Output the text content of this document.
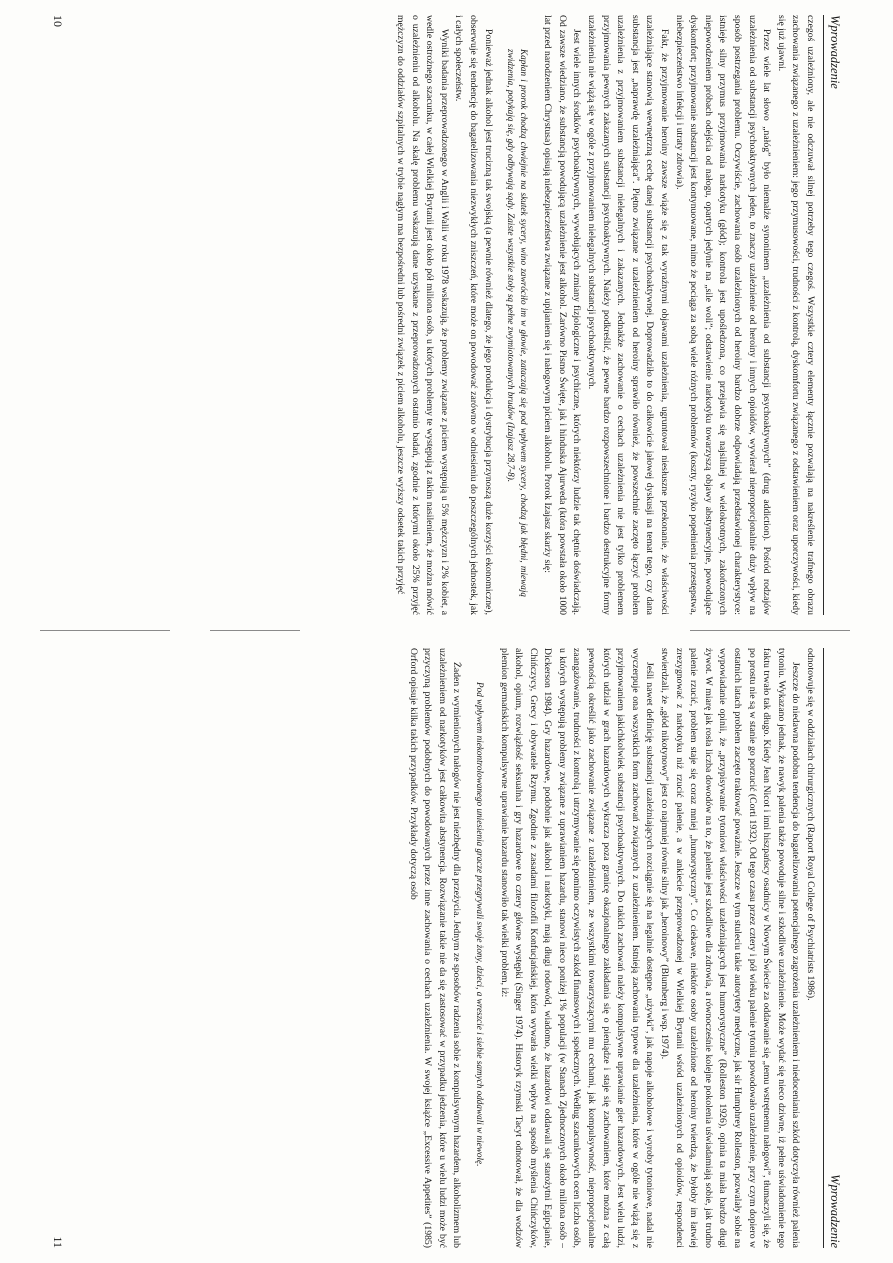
Wprowadzenie

czegoś uzależniony, ale nie odczuwał silnej potrzeby tego czegoś. Wszystkie cztery elementy łącznie pozwalają na nakreślenie trafnego obrazu zachowania związanego z uzależnieniem: jego przymusowości, trudności z kontrolą, dyskomfortu związanego z odstawieniem oraz uporczywości, kiedy się już ujawni.

Przez wiele lat słowo „nałóg” było niemalże synonimem „uzależnienia od substancji psychoaktywnych” (drug addiction). Pośród rodzajów uzależnienia od substancji psychoaktywnych jeden, to znaczy uzależnienie od heroiny i innych opioidów, wywierał nieproporcjonalnie duży wpływ na sposób postrzegania problemu. Oczywiście, zachowania osób uzależnionych od heroiny bardzo dobrze odpowiadają przedstawionej charakterystyce: istnieje silny przymus przyjmowania narkotyku (głód); kontrola jest upośledzona, co przejawia się najsilniej w wielokrotnych, zakończonych niepowodzeniem próbach odejścia od nałogu, opartych jedynie na „sile woli”; odstawienie narkotyku towarzyszą objawy abstynencyjne, powodujące dyskomfort; przyjmowanie substancji jest kontynuowane, mimo że pociąga za sobą wiele różnych problemów (koszty, ryzyko popełnienia przestępstwa, niebezpieczeństwo infekcji i utraty zdrowia).

Fakt, że przyjmowanie heroiny zawsze wiąże się z tak wyraźnymi objawami uzależnienia, ugruntował niesłuszne przekonanie, że właściwości uzależniające stanowią wewnętrzną cechę danej substancji psychoaktywnej. Doprowadziło to do całkowicie jałowej dyskusji na temat tego, czy dana substancja jest „naprawdę uzależniająca”. Piętno związane z uzależnieniem od heroiny sprawiło również, że powszechnie zaczęto łączyć problem uzależnienia z przyjmowaniem substancji nielegalnych i zakazanych. Jednakże zachowanie o cechach uzależnienia nie jest tylko problemem przyjmowania pewnych zakazanych substancji psychoaktywnych. Należy podkreślić, że pewne bardzo rozpowszechnione i bardzo destrukcyjne formy uzależnienia nie wiążą się w ogóle z przyjmowaniem nielegalnych substancji psychoaktywnych.

Jest wiele innych środków psychoaktywnych, wywołujących zmiany fizjologiczne i psychiczne, których niektórzy ludzie tak chętnie doświadczają. Od zawsze wiedziano, że substancją powodującą uzależnienie jest alkohol. Zarówno Pismo Święte, jak i hinduska Ajurweda (która powstała około 1000 lat przed narodzeniem Chrystusa) opisują niebezpieczeństwa związane z upijaniem się i nałogowym piciem alkoholu. Prorok Izajasz skarży się:

Kapłan i prorok chodzą chwiejnie na skutek sycery, wino zawróciło im w głowie, zataczają się pod wpływem sycery, chodzą jak błędni, miewają zwidzenia, potykają się, gdy odbywają sądy. Zaiste wszystkie stoły są pełne zwymiotowanych brudów (Izajasz 28,7-8).

Ponieważ jednak alkohol jest trucizną tak swojską (a pewnie również dlatego, że jego produkcja i dystrybucja przynoszą duże korzyści ekonomiczne), obserwuje się tendencję do bagatelizowania niezwykłych zniszczeń, które może on powodować zarówno w odniesieniu do poszczególnych jednostek, jak i całych społeczeństw.

Wyniki badania przeprowadzonego w Anglii i Walii w roku 1978 wskazują, że problemy związane z piciem występują u 5% mężczyzn i 2% kobiet, a wedle ostrożnego szacunku, w całej Wielkiej Brytanii jest około pół miliona osób, u których problemy te występują z takim nasileniem, że można mówić o uzależnieniu od alkoholu. Na skalę problemu wskazują dane uzyskane z przeprowadzonych ostatnio badań, zgodnie z którymi około 25% przyjęć mężczyzn do oddziałów szpitalnych w trybie nagłym ma bezpośredni lub pośredni związek z piciem alkoholu, jeszcze wyższy odsetek takich przyjęć

10
Wprowadzenie

odnotowuje się w oddziałach chirurgicznych (Raport Royal College of Psychiatrists 1986).

Jeszcze do niedawna podobna tendencja do bagatelizowania potencjalnego zagrożenia uzależnieniem i niedoceniania szkód dotyczyła również palenia tytoniu. Wykazano jednak, że nawyk palenia także powoduje silne i szkodliwe uzależnienie. Może wydać się nieco dziwne, iż pełne uświadomienie tego faktu trwało tak długo. Kiedy Jean Nicot i inni hiszpańscy osadnicy w Nowym Świecie za oddawanie się „temu wstrętnemu nałogowi”, tłumaczyli się, że po prostu nie są w stanie go porzucić (Corti 1932). Od tego czasu przez cztery i pół wieku palenie tytoniu powodowało uzależnienie, przy czym dopiero w ostatnich latach problem zaczęto traktować poważnie. Jeszcze w tym stuleciu takie autorytety medyczne, jak sir Humphrey Rolleston, pozwalały sobie na wypowiadanie opinii, że „przypisywanie tytoniowi właściwości uzależniających jest humorystyczne” (Rolleston 1926), opinia ta miała bardzo długi żywot. W miarę jak rosła liczba dowodów na to, że palenie jest szkodliwe dla zdrowia, a równocześnie kolejne pokolenia uświadamiają sobie, jak trudno palenie rzucić, problem staje się coraz mniej „humorystyczny”. Co ciekawe, niektóre osoby uzależnione od heroiny twierdzą, że byłoby im łatwiej zrezygnować z narkotyku niż rzucić palenie, a w ankiecie przeprowadzonej w Wielkiej Brytanii wśród uzależnionych od opioidów, respondenci stwierdzali, że „głód nikotynowy” jest co najmniej równie silny jak „heroinowy” (Blumberg i wsp. 1974).

Jeśli nawet definicję substancji uzależniających rozciągnie się na legalnie dostępne „używki”, jak napoje alkoholowe i wyroby tytoniowe, nadal nie wyczerpuje ona wszystkich form zachowań związanych z uzależnieniem. Istnieją zachowania typowe dla uzależnienia, które w ogóle nie wiążą się z przyjmowaniem jakichkolwiek substancji psychoaktywnych. Do takich zachowań należy kompulsywne uprawianie gier hazardowych. Jest wielu ludzi, których udział w grach hazardowych wykracza poza granicę okazjonalnego zakładania się o pieniądze i staje się zachowaniem, które można z całą pewnością określić jako zachowanie związane z uzależnieniem, ze wszystkimi towarzyszącymi mu cechami, jak kompulsywność, nieproporcjonalne zaangażowanie, trudności z kontrolą i utrzymywanie się pomimo oczywistych szkód finansowych i społecznych. Według szacunkowych ocen liczba osób, u których występują problemy związane z uprawianiem hazardu, stanowi nieco poniżej 1% populacji (w Stanach Zjednoczonych około miliona osób – Dickerson 1984). Gry hazardowe, podobnie jak alkohol i narkotyki, mają długi rodowód, wiadomo, że hazardowi oddawali się starożytni Egipcjanie, Chińczycy, Grecy i obywatele Rzymu. Zgodnie z zasadami filozofii Konfucjańskiej, która wywarła wielki wpływ na sposób myślenia Chińczyków, alkohol, opium, rozwiązłość seksualna i gry hazardowe to cztery główne występki (Singer 1974). Historyk rzymski Tacyt odnotował, że dla wodzów plemion germańskich kompulsywne uprawianie hazardu stanowiło tak wielki problem, iż:

Pod wpływem niekontrolowanego uniesienia gracze przegrywali swoje żony, dzieci, a wreszcie i siebie samych oddawali w niewolę.

Żaden z wymienionych nałogów nie jest niezbędny dla przeżycia. Jednym ze sposobów radzenia sobie z kompulsywnym hazardem, alkoholizmem lub uzależnieniem od narkotyków jest całkowita abstynencja. Rozwiązanie takie nie da się zastosować w przypadku jedzenia, które u wielu ludzi może być przyczyną problemów podobnych do powodowanych przez inne zachowania o cechach uzależnienia. W swojej książce „Excessive Appetites” (1985) Orford opisuje kilka takich przypadków. Przykłady dotyczą osób

11
